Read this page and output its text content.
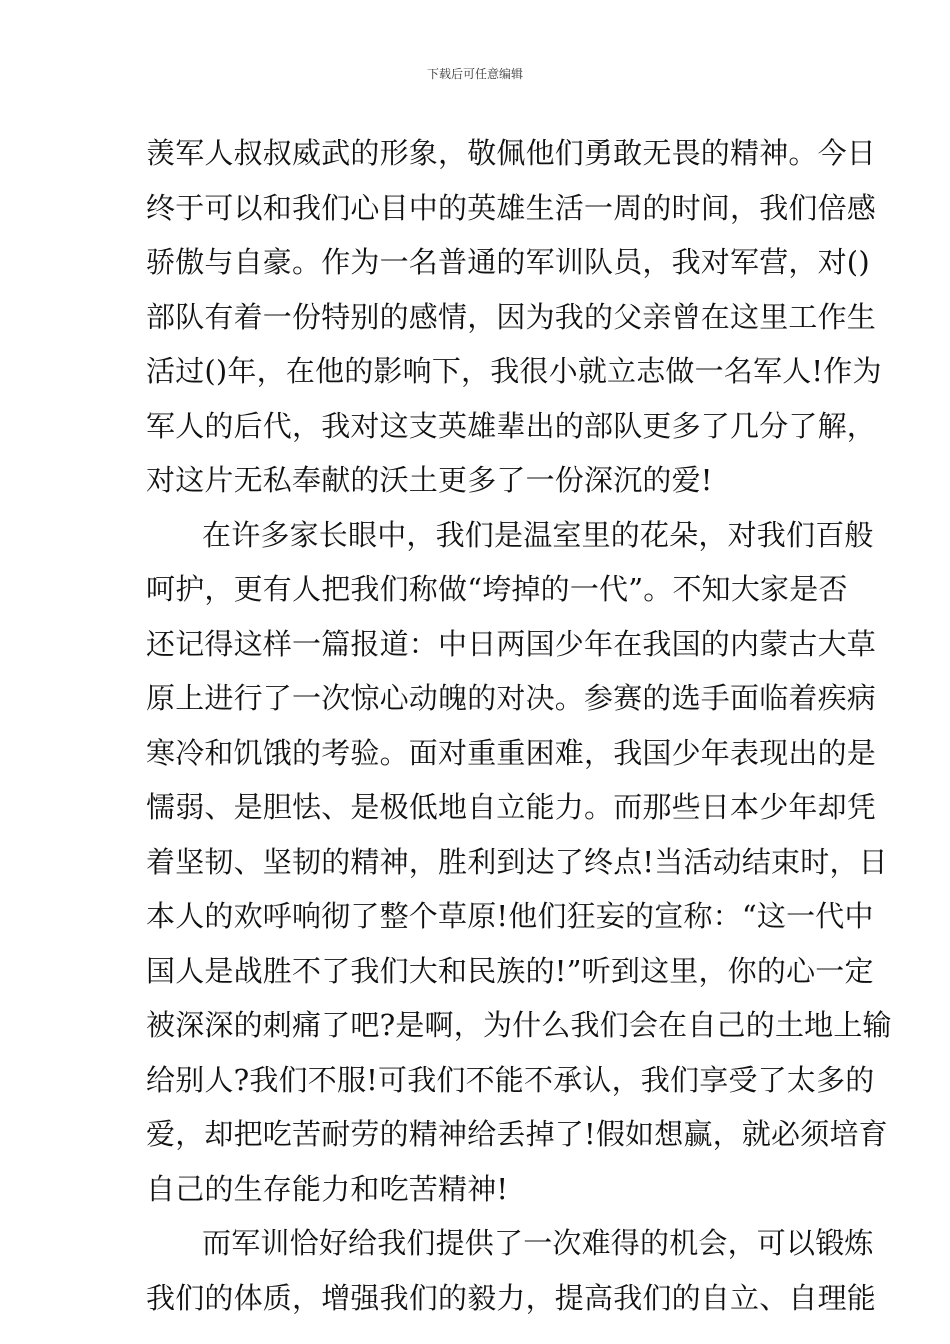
下载后可任意编辑
羡军人叔叔威武的形象，敬佩他们勇敢无畏的精神。今日
终于可以和我们心目中的英雄生活一周的时间，我们倍感
骄傲与自豪。作为一名普通的军训队员，我对军营，对()
部队有着一份特别的感情，因为我的父亲曾在这里工作生
活过()年，在他的影响下，我很小就立志做一名军人!作为
军人的后代，我对这支英雄辈出的部队更多了几分了解，
对这片无私奉献的沃土更多了一份深沉的爱!
在许多家长眼中，我们是温室里的花朵，对我们百般
呵护，更有人把我们称做“垮掉的一代”。不知大家是否
还记得这样一篇报道：中日两国少年在我国的内蒙古大草
原上进行了一次惊心动魄的对决。参赛的选手面临着疾病
寒冷和饥饿的考验。面对重重困难，我国少年表现出的是
懦弱、是胆怯、是极低地自立能力。而那些日本少年却凭
着坚韧、坚韧的精神，胜利到达了终点!当活动结束时，日
本人的欢呼响彻了整个草原!他们狂妄的宣称：“这一代中
国人是战胜不了我们大和民族的!”听到这里，你的心一定
被深深的刺痛了吧?是啊，为什么我们会在自己的土地上输
给别人?我们不服!可我们不能不承认，我们享受了太多的
爱，却把吃苦耐劳的精神给丢掉了!假如想赢，就必须培育
自己的生存能力和吃苦精神!
而军训恰好给我们提供了一次难得的机会，可以锻炼
我们的体质，增强我们的毅力，提高我们的自立、自理能
